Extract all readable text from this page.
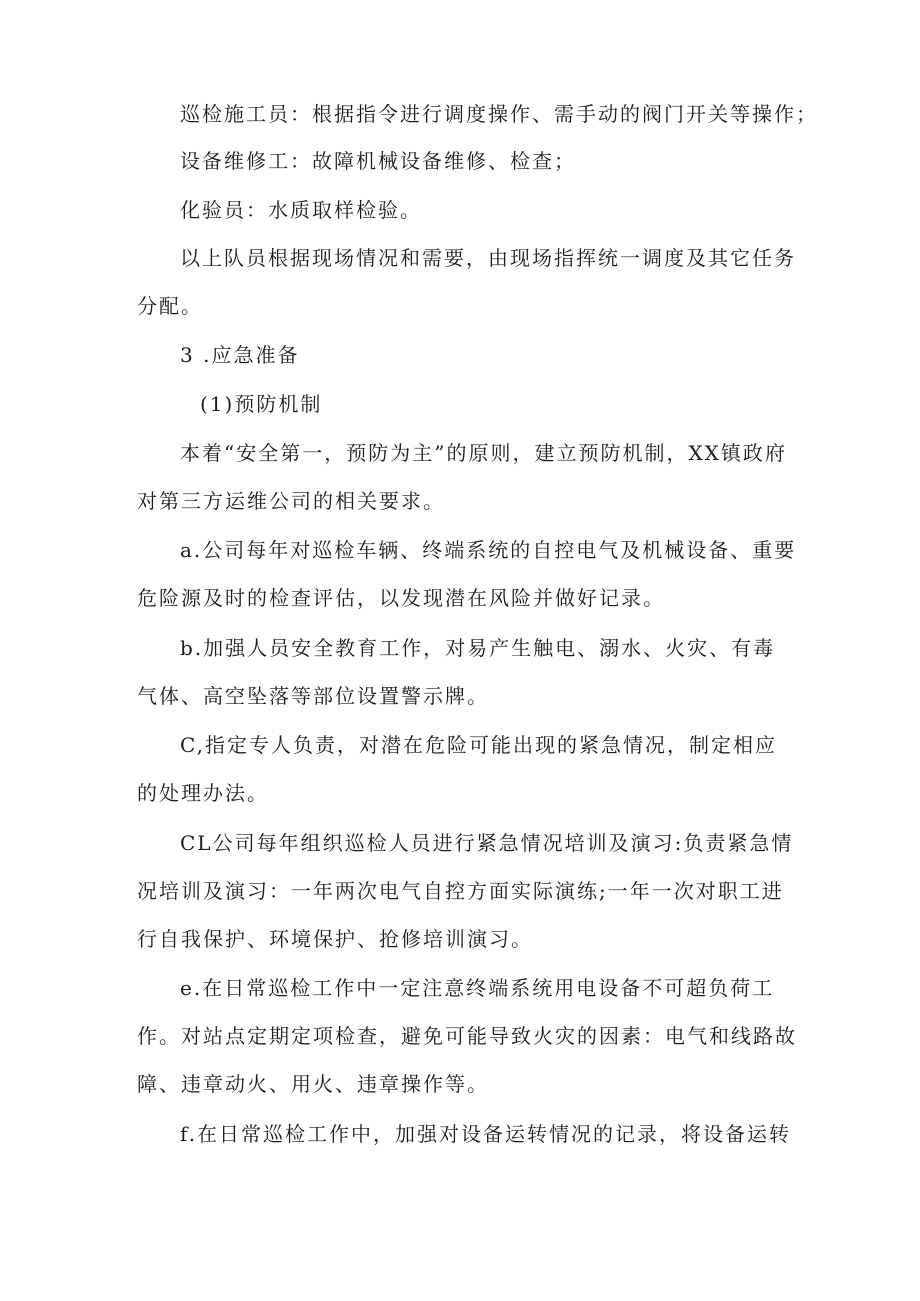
巡检施工员：根据指令进行调度操作、需手动的阀门开关等操作；

设备维修工：故障机械设备维修、检查；

化验员：水质取样检验。

以上队员根据现场情况和需要，由现场指挥统一调度及其它任务分配。

3 .应急准备

(1)预防机制

本着“安全第一，预防为主”的原则，建立预防机制，XX镇政府对第三方运维公司的相关要求。

a.公司每年对巡检车辆、终端系统的自控电气及机械设备、重要危险源及时的检查评估，以发现潜在风险并做好记录。

b.加强人员安全教育工作，对易产生触电、溺水、火灾、有毒气体、高空坠落等部位设置警示牌。

C,指定专人负责，对潜在危险可能出现的紧急情况，制定相应的处理办法。

CL公司每年组织巡检人员进行紧急情况培训及演习:负责紧急情况培训及演习：一年两次电气自控方面实际演练;一年一次对职工进行自我保护、环境保护、抢修培训演习。

e.在日常巡检工作中一定注意终端系统用电设备不可超负荷工作。对站点定期定项检查，避免可能导致火灾的因素：电气和线路故障、违章动火、用火、违章操作等。

f.在日常巡检工作中，加强对设备运转情况的记录，将设备运转
